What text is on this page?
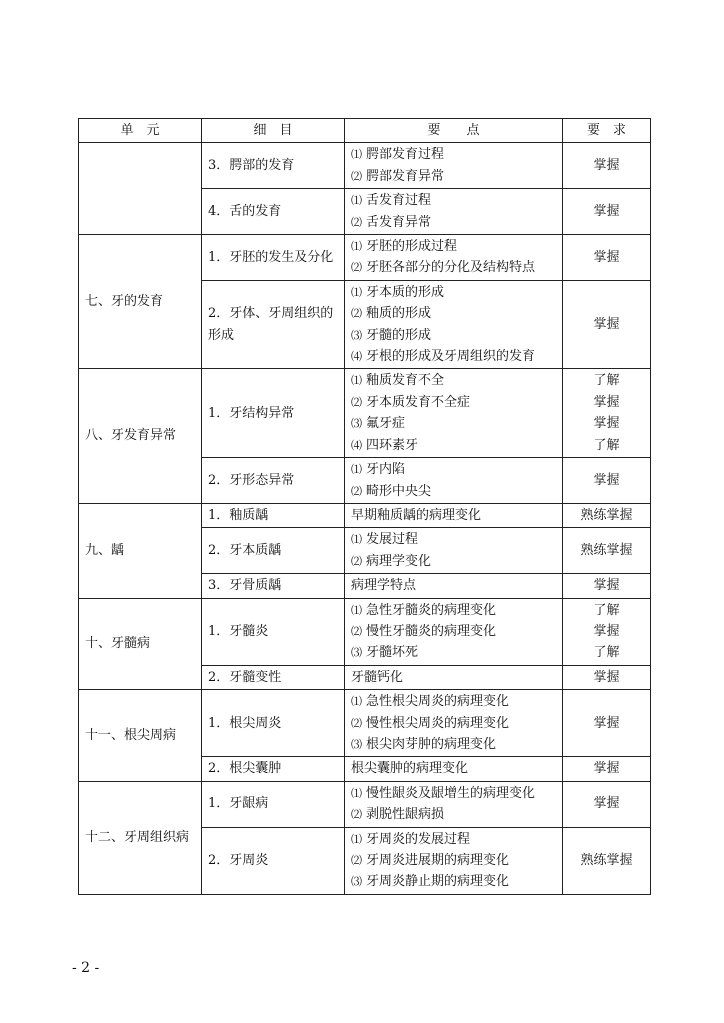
单　元	细　目	要　　点	要　求
	3．腭部的发育	⑴ 腭部发育过程
⑵ 腭部发育异常	掌握

	4．舌的发育	⑴ 舌发育过程
⑵ 舌发育异常	掌握

七、牙的发育	1．牙胚的发生及分化	⑴ 牙胚的形成过程
⑵ 牙胚各部分的分化及结构特点	掌握

	2．牙体、牙周组织的形成	⑴ 牙本质的形成
⑵ 釉质的形成
⑶ 牙髓的形成
⑷ 牙根的形成及牙周组织的发育	掌握

八、牙发育异常	1．牙结构异常	⑴ 釉质发育不全
⑵ 牙本质发育不全症
⑶ 氟牙症
⑷ 四环素牙	了解
掌握
掌握
了解

	2．牙形态异常	⑴ 牙内陷
⑵ 畸形中央尖	掌握

九、龋	1．釉质龋	早期釉质龋的病理变化	熟练掌握

	2．牙本质龋	⑴ 发展过程
⑵ 病理学变化	熟练掌握

	3．牙骨质龋	病理学特点	掌握

十、牙髓病	1．牙髓炎	⑴ 急性牙髓炎的病理变化
⑵ 慢性牙髓炎的病理变化
⑶ 牙髓坏死	了解
掌握
了解

	2．牙髓变性	牙髓钙化	掌握

十一、根尖周病	1．根尖周炎	⑴ 急性根尖周炎的病理变化
⑵ 慢性根尖周炎的病理变化
⑶ 根尖肉芽肿的病理变化	掌握

	2．根尖囊肿	根尖囊肿的病理变化	掌握

十二、牙周组织病	1．牙龈病	⑴ 慢性龈炎及龈增生的病理变化
⑵ 剥脱性龈病损	掌握

	2．牙周炎	⑴ 牙周炎的发展过程
⑵ 牙周炎进展期的病理变化
⑶ 牙周炎静止期的病理变化	熟练掌握
- 2 -
